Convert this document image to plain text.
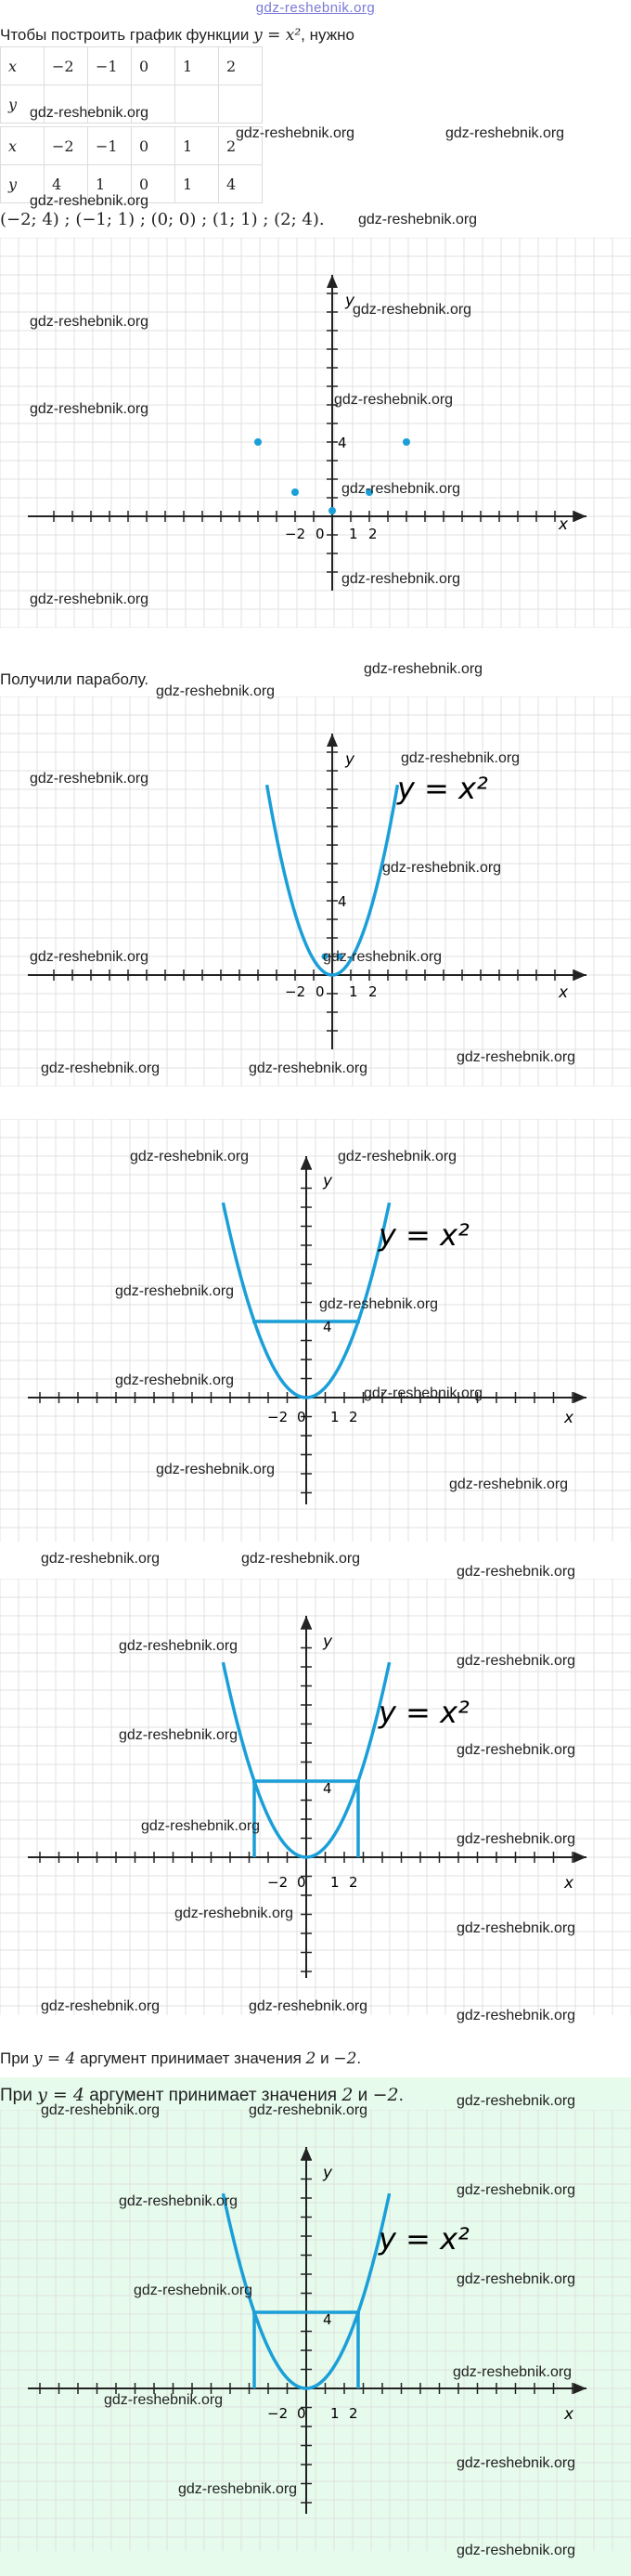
gdz-reshebnik.org
Чтобы построить график функции y = x², нужно
x	−2	−1	0	1	2
y					
x	−2	−1	0	1	2
y	4	1	0	1	4
(−2; 4) ; (−1; 1) ; (0; 0) ; (1; 1) ; (2; 4).
x
y
−2 0 1 2
4
Получили параболу.
x
y
−2 0 1 2
4
y = x²
x
y
−2 0 1 2
4
y = x²
x
y
−2 0 1 2
4
y = x²
При y = 4 аргумент принимает значения 2 и −2.
При y = 4 аргумент принимает значения 2 и −2.
x
y
−2 0 1 2
4
y = x²
gdz-reshebnik.org
gdz-reshebnik.org	gdz-reshebnik.org
gdz-reshebnik.org
gdz-reshebnik.org
gdz-reshebnik.org
gdz-reshebnik.org
gdz-reshebnik.org
gdz-reshebnik.org
gdz-reshebnik.org
gdz-reshebnik.org
gdz-reshebnik.org
gdz-reshebnik.org
gdz-reshebnik.org
gdz-reshebnik.org
gdz-reshebnik.org
gdz-reshebnik.org
gdz-reshebnik.org	gdz-reshebnik.org
gdz-reshebnik.org
gdz-reshebnik.org	gdz-reshebnik.org
gdz-reshebnik.org	gdz-reshebnik.org
gdz-reshebnik.org
gdz-reshebnik.org
gdz-reshebnik.org
gdz-reshebnik.org
gdz-reshebnik.org
gdz-reshebnik.org
gdz-reshebnik.org	gdz-reshebnik.org
gdz-reshebnik.org
gdz-reshebnik.org
gdz-reshebnik.org
gdz-reshebnik.org
gdz-reshebnik.org
gdz-reshebnik.org
gdz-reshebnik.org
gdz-reshebnik.org
gdz-reshebnik.org
gdz-reshebnik.org	gdz-reshebnik.org
gdz-reshebnik.org
gdz-reshebnik.org
gdz-reshebnik.org	gdz-reshebnik.org
gdz-reshebnik.org
gdz-reshebnik.org
gdz-reshebnik.org
gdz-reshebnik.org
gdz-reshebnik.org
gdz-reshebnik.org
gdz-reshebnik.org
gdz-reshebnik.org
gdz-reshebnik.org
